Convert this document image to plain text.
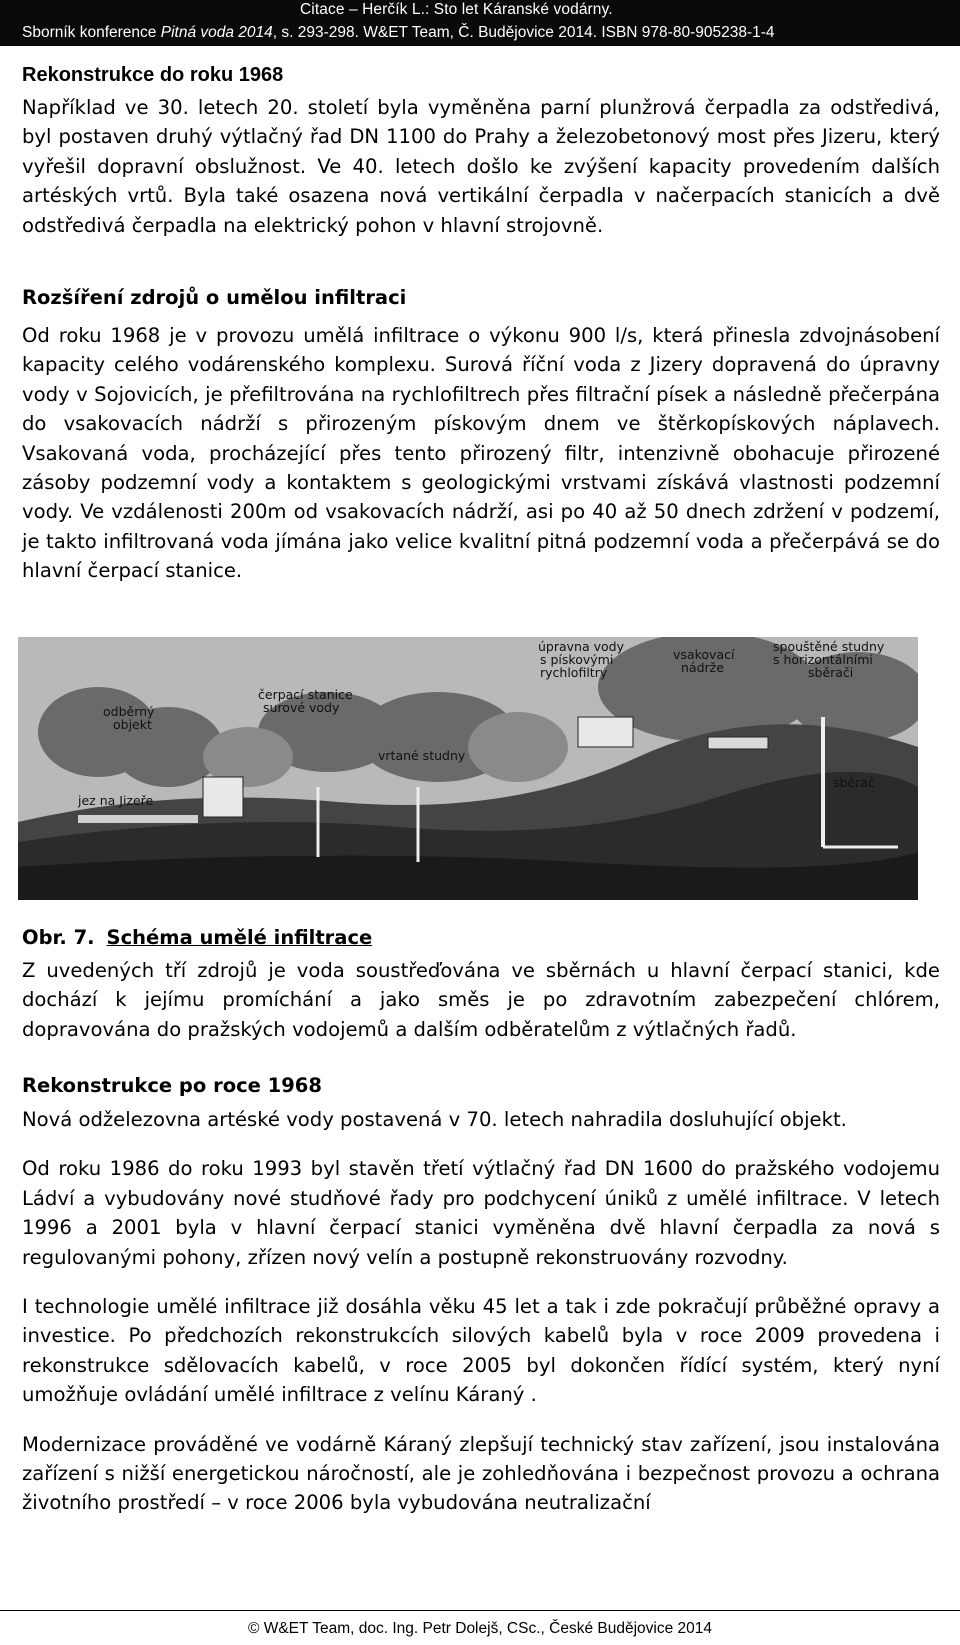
Citace – Herčík L.: Sto let Káranské vodárny.
Sborník konference Pitná voda 2014, s. 293-298. W&ET Team, Č. Budějovice 2014. ISBN 978-80-905238-1-4
Rekonstrukce do roku 1968

Například ve 30. letech 20. století byla vyměněna parní plunžrová čerpadla za odstředivá, byl postaven druhý výtlačný řad DN 1100 do Prahy a železobetonový most přes Jizeru, který vyřešil dopravní obslužnost. Ve 40. letech došlo ke zvýšení kapacity provedením dalších artéských vrtů. Byla také osazena nová vertikální čerpadla v načerpacích stanicích a dvě odstředivá čerpadla na elektrický pohon v hlavní strojovně.

Rozšíření zdrojů o umělou infiltraci

Od roku 1968 je v provozu umělá infiltrace o výkonu 900 l/s, která přinesla zdvojnásobení kapacity celého vodárenského komplexu. Surová říční voda z Jizery dopravená do úpravny vody v Sojovicích, je přefiltrována na rychlofiltrech přes filtrační písek a následně přečerpána do vsakovacích nádrží s přirozeným pískovým dnem ve štěrkopískových náplavech. Vsakovaná voda, procházející přes tento přirozený filtr, intenzivně obohacuje přirozené zásoby podzemní vody a kontaktem s geologickými vrstvami získává vlastnosti podzemní vody. Ve vzdálenosti 200m od vsakovacích nádrží, asi po 40 až 50 dnech zdržení v podzemí, je takto infiltrovaná voda jímána jako velice kvalitní pitná podzemní voda a přečerpává se do hlavní čerpací stanice.

úpravna vody
s pískovými
rychlofiltry
vsakovací
nádrže
spouštěné studny
s horizontálními
sběrači
odběrný
objekt
čerpací stanice
surové vody
vrtané studny
jez na Jizeře
sběrač
Obr. 7. Schéma umělé infiltrace

Z uvedených tří zdrojů je voda soustřeďována ve sběrnách u hlavní čerpací stanici, kde dochází k jejímu promíchání a jako směs je po zdravotním zabezpečení chlórem, dopravována do pražských vodojemů a dalším odběratelům z výtlačných řadů.

Rekonstrukce po roce 1968

Nová odželezovna artéské vody postavená v 70. letech nahradila dosluhující objekt.

Od roku 1986 do roku 1993 byl stavěn třetí výtlačný řad DN 1600 do pražského vodojemu Ládví a vybudovány nové studňové řady pro podchycení úniků z umělé infiltrace. V letech 1996 a 2001 byla v hlavní čerpací stanici vyměněna dvě hlavní čerpadla za nová s regulovanými pohony, zřízen nový velín a postupně rekonstruovány rozvodny.

I technologie umělé infiltrace již dosáhla věku 45 let a tak i zde pokračují průběžné opravy a investice. Po předchozích rekonstrukcích silových kabelů byla v roce 2009 provedena i rekonstrukce sdělovacích kabelů, v roce 2005 byl dokončen řídící systém, který nyní umožňuje ovládání umělé infiltrace z velínu Káraný .

Modernizace prováděné ve vodárně Káraný zlepšují technický stav zařízení, jsou instalována zařízení s nižší energetickou náročností, ale je zohledňována i bezpečnost provozu a ochrana životního prostředí – v roce 2006 byla vybudována neutralizační

© W&ET Team, doc. Ing. Petr Dolejš, CSc., České Budějovice 2014
